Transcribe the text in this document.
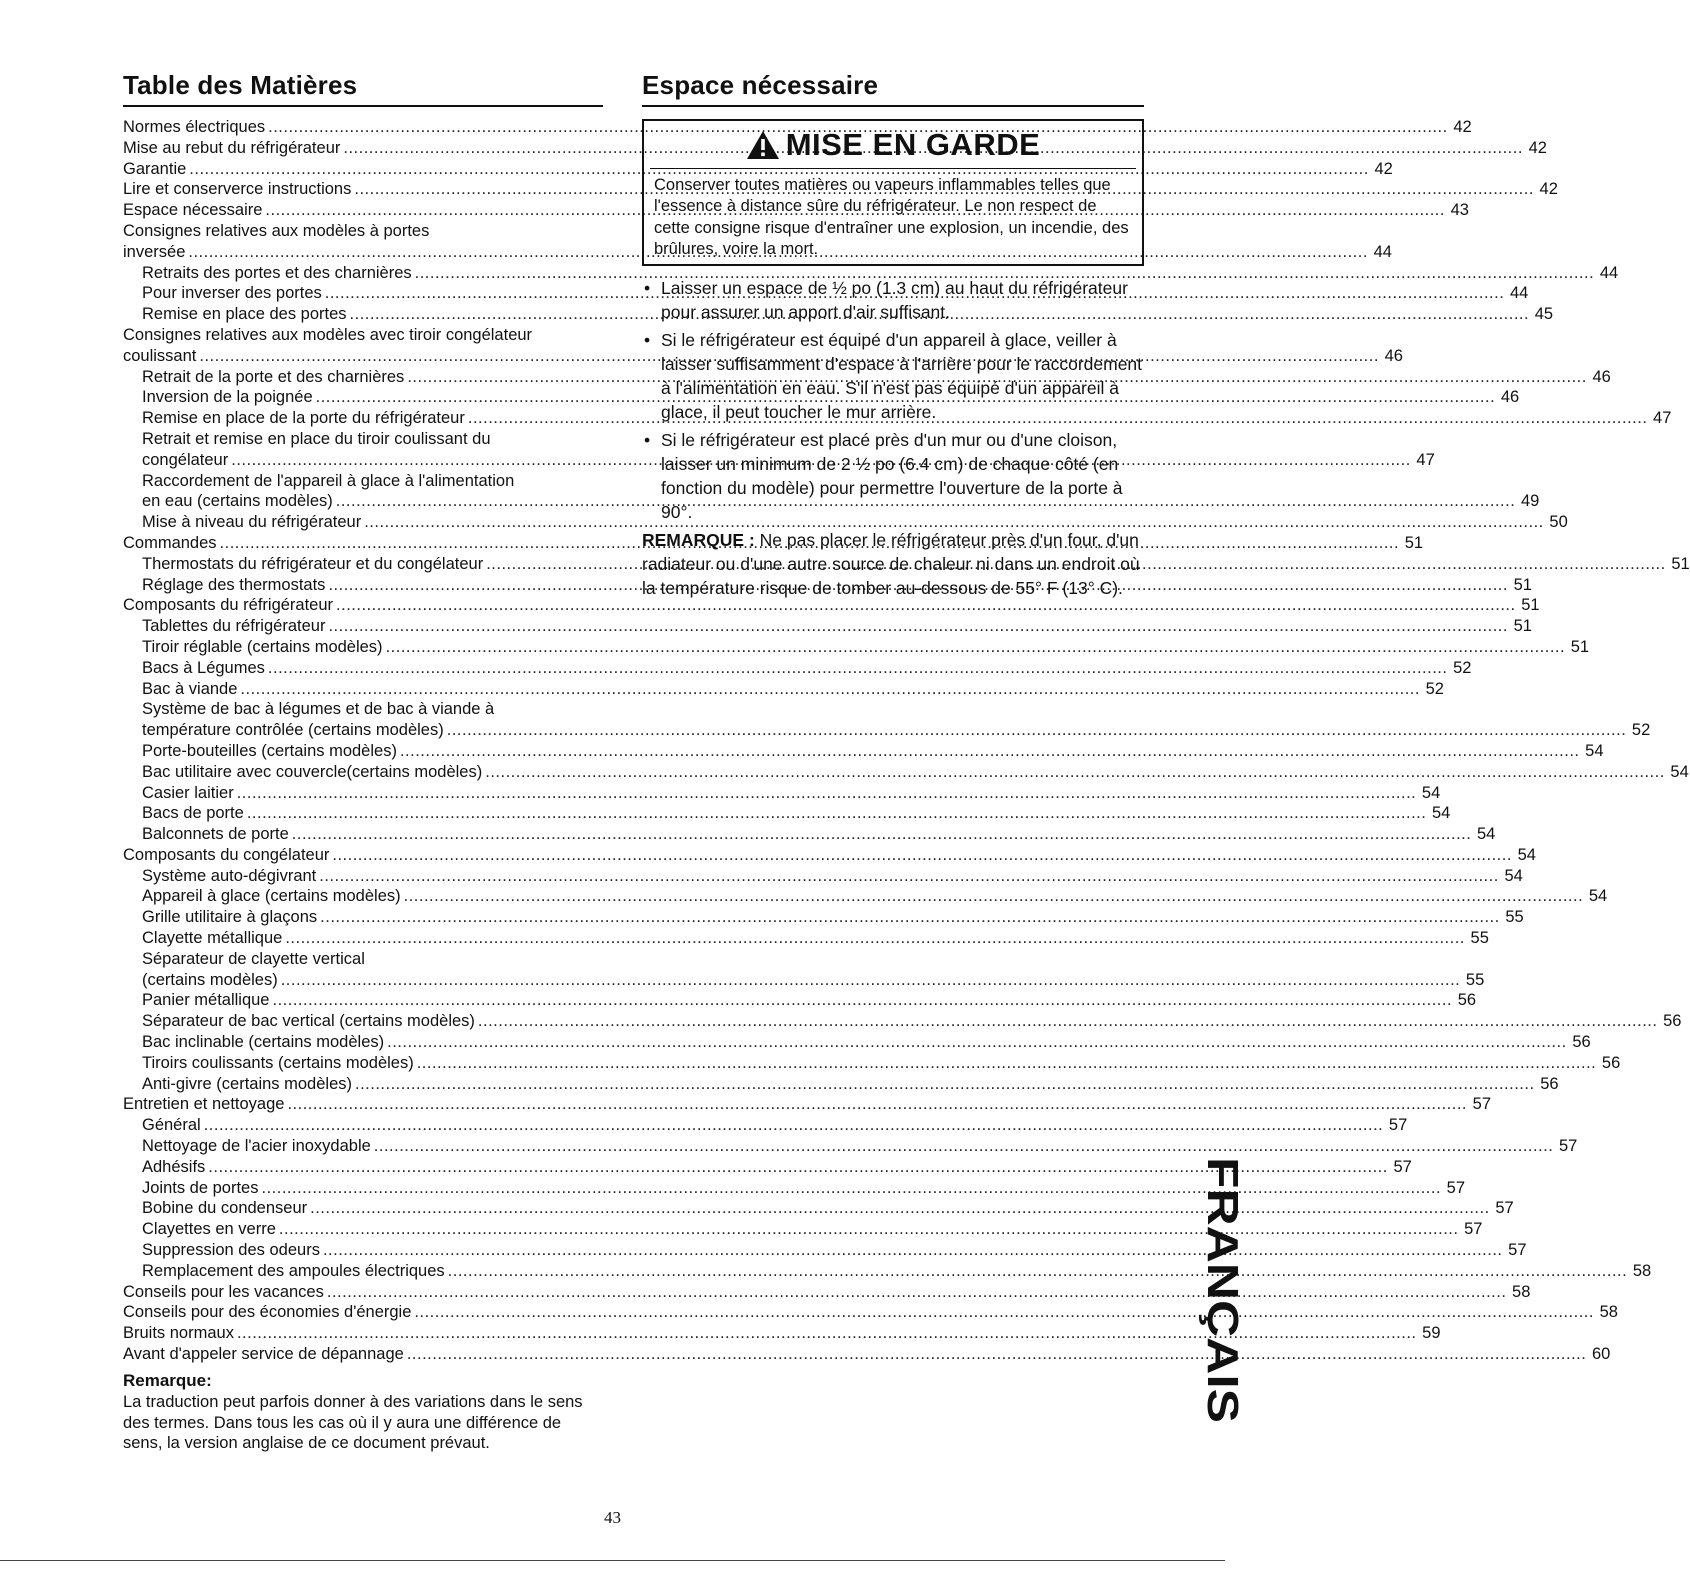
Table des Matières
Normes électriques .....	42
Mise au rebut du réfrigérateur .....	42
Garantie .....	42
Lire et conserverce instructions .....	42
Espace nécessaire .....	43
Consignes relatives aux modèles à portes
inversée .....	44
Retraits des portes et des charnières .....	44
Pour inverser des portes .....	44
Remise en place des portes .....	45
Consignes relatives aux modèles avec tiroir congélateur
coulissant .....	46
Retrait de la porte et des charnières .....	46
Inversion de la poignée .....	46
Remise en place de la porte du réfrigérateur .....	47
Retrait et remise en place du tiroir coulissant du
congélateur .....	47
Raccordement de l'appareil à glace à l'alimentation
en eau (certains modèles) .....	49
Mise à niveau du réfrigérateur .....	50
Commandes .....	51
Thermostats du réfrigérateur et du congélateur .....	51
Réglage des thermostats .....	51
Composants du réfrigérateur .....	51
Tablettes du réfrigérateur .....	51
Tiroir réglable (certains modèles) .....	51
Bacs à Légumes .....	52
Bac à viande .....	52
Système de bac à légumes et de bac à viande à
température contrôlée (certains modèles) .....	52
Porte-bouteilles (certains modèles) .....	54
Bac utilitaire avec couvercle(certains modèles) .....	54
Casier laitier .....	54
Bacs de porte .....	54
Balconnets de porte .....	54
Composants du congélateur .....	54
Système auto-dégivrant .....	54
Appareil à glace (certains modèles) .....	54
Grille utilitaire à glaçons .....	55
Clayette métallique .....	55
Séparateur de clayette vertical
(certains modèles) .....	55
Panier métallique .....	56
Séparateur de bac vertical (certains modèles) .....	56
Bac inclinable (certains modèles) .....	56
Tiroirs coulissants (certains modèles) .....	56
Anti-givre (certains modèles) .....	56
Entretien et nettoyage .....	57
Général .....	57
Nettoyage de l'acier inoxydable .....	57
Adhésifs .....	57
Joints de portes .....	57
Bobine du condenseur .....	57
Clayettes en verre .....	57
Suppression des odeurs .....	57
Remplacement des ampoules électriques .....	58
Conseils pour les vacances .....	58
Conseils pour des économies d'énergie .....	58
Bruits normaux .....	59
Avant d'appeler service de dépannage .....	60
Remarque:
La traduction peut parfois donner à des variations dans le sens des termes. Dans tous les cas où il y aura une différence de sens, la version anglaise de ce document prévaut.
Espace nécessaire
MISE EN GARDE
Conserver toutes matières ou vapeurs inflammables telles que l'essence à distance sûre du réfrigérateur. Le non respect de cette consigne risque d'entraîner une explosion, un incendie, des brûlures, voire la mort.
• Laisser un espace de ½ po (1.3 cm) au haut du réfrigérateur pour assurer un apport d'air suffisant.
• Si le réfrigérateur est équipé d'un appareil à glace, veiller à laisser suffisamment d'espace à l'arrière pour le raccordement à l'alimentation en eau. S'il n'est pas équipé d'un appareil à glace, il peut toucher le mur arrière.
• Si le réfrigérateur est placé près d'un mur ou d'une cloison, laisser un minimum de 2 ½ po (6.4 cm) de chaque côté (en fonction du modèle) pour permettre l'ouverture de la porte à 90°.
REMARQUE : Ne pas placer le réfrigérateur près d'un four, d'un radiateur ou d'une autre source de chaleur ni dans un endroit où la température risque de tomber au-dessous de 55° F (13° C).
FRANÇAIS
43
